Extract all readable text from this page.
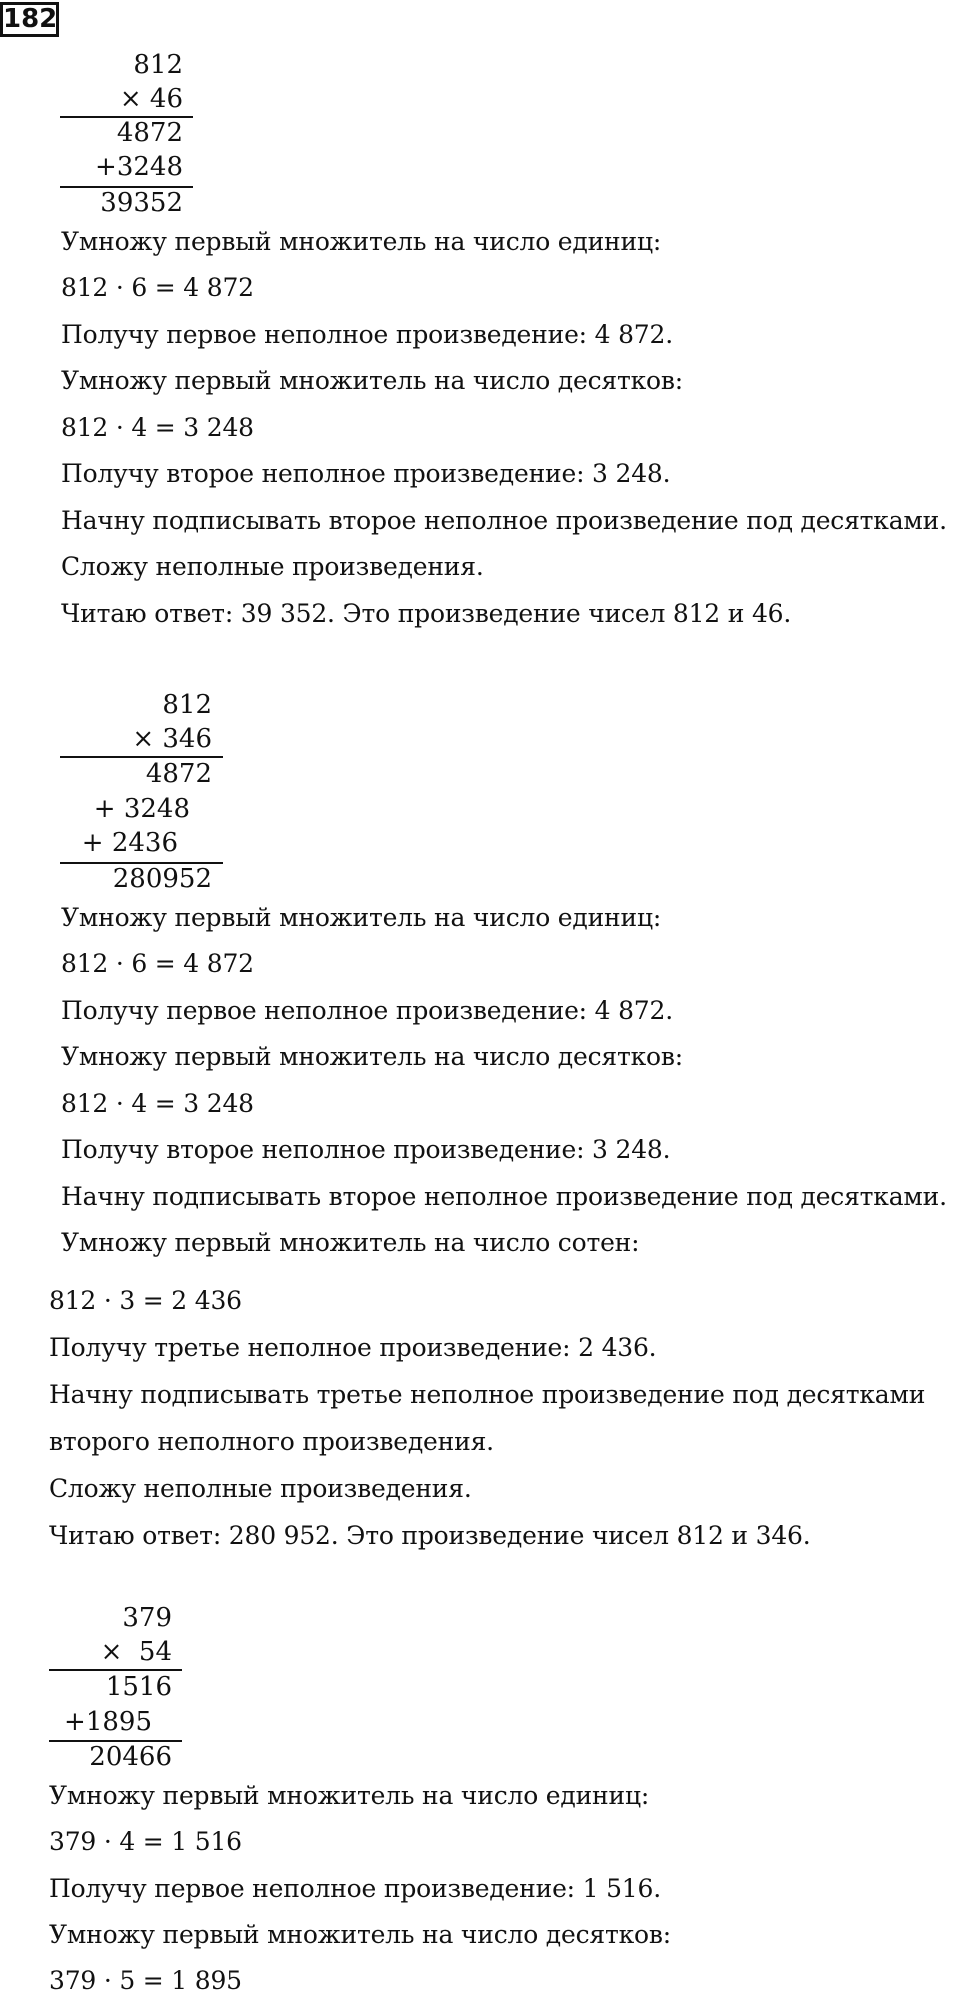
182
812
× 46
4872
+3248
39352
Умножу первый множитель на число единиц:
812 · 6 = 4 872
Получу первое неполное произведение: 4 872.
Умножу первый множитель на число десятков:
812 · 4 = 3 248
Получу второе неполное произведение: 3 248.
Начну подписывать второе неполное произведение под десятками.
Сложу неполные произведения.
Читаю ответ: 39 352. Это произведение чисел 812 и 46.
812
× 346
4872
+ 3248
+ 2436
280952
Умножу первый множитель на число единиц:
812 · 6 = 4 872
Получу первое неполное произведение: 4 872.
Умножу первый множитель на число десятков:
812 · 4 = 3 248
Получу второе неполное произведение: 3 248.
Начну подписывать второе неполное произведение под десятками.
Умножу первый множитель на число сотен:
812 · 3 = 2 436
Получу третье неполное произведение: 2 436.
Начну подписывать третье неполное произведение под десятками
второго неполного произведения.
Сложу неполные произведения.
Читаю ответ: 280 952. Это произведение чисел 812 и 346.
379
×  54
1516
+1895
20466
Умножу первый множитель на число единиц:
379 · 4 = 1 516
Получу первое неполное произведение: 1 516.
Умножу первый множитель на число десятков:
379 · 5 = 1 895
